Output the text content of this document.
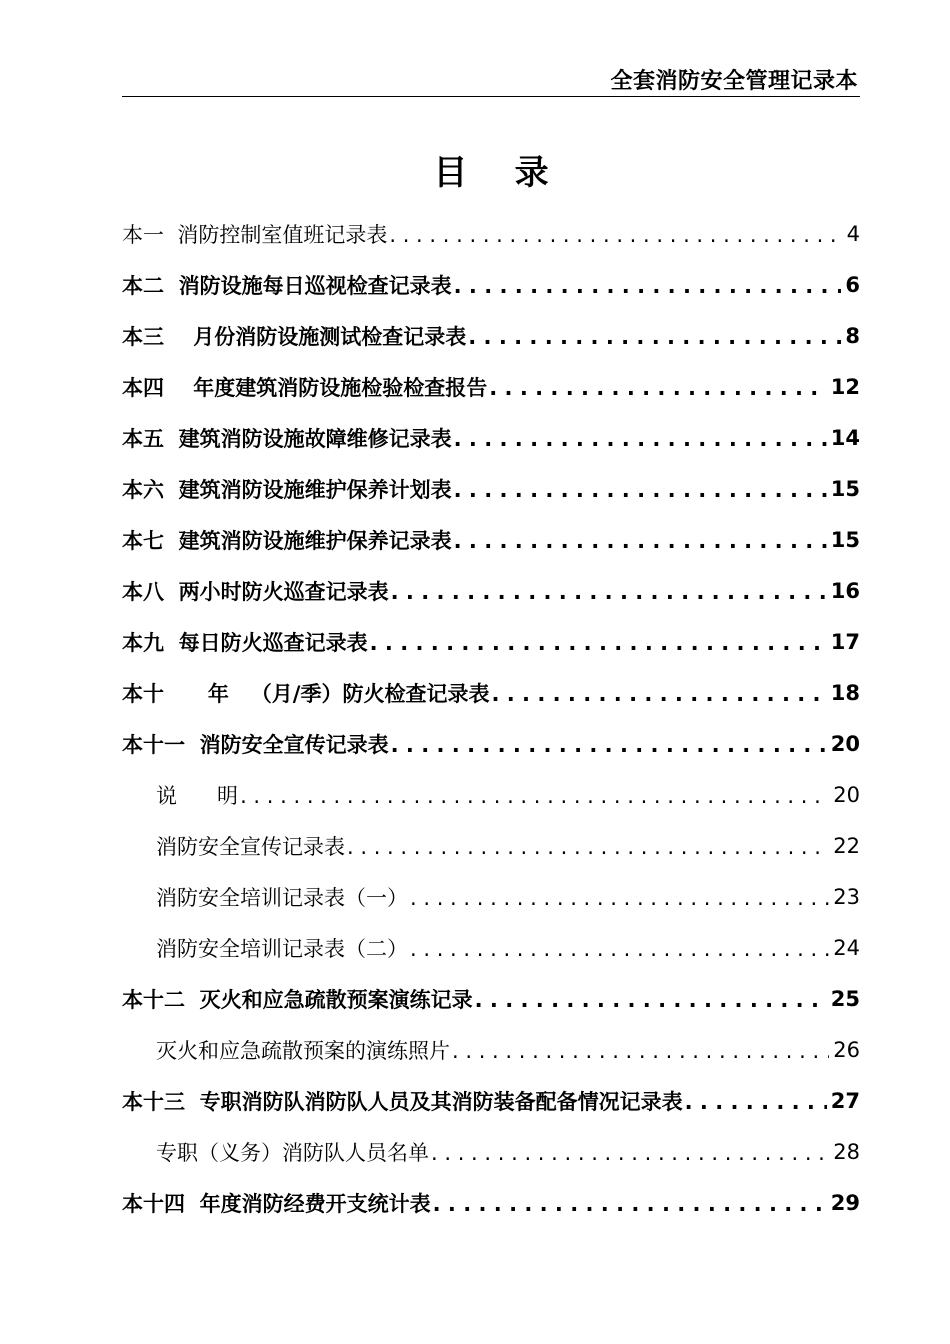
全套消防安全管理记录本
目    录
本一  消防控制室值班记录表 . . .	4
本二  消防设施每日巡视检查记录表 . . .	6
本三    月份消防设施测试检查记录表 . . .	8
本四    年度建筑消防设施检验检查报告 . . .	12
本五  建筑消防设施故障维修记录表 . . .	14
本六  建筑消防设施维护保养计划表 . . .	15
本七  建筑消防设施维护保养记录表 . . .	15
本八  两小时防火巡查记录表 . . .	16
本九  每日防火巡查记录表 . . .	17
本十      年   （月/季）防火检查记录表 . . .	18
本十一  消防安全宣传记录表 . . .	20
说      明 . . .	20
消防安全宣传记录表 . . .	22
消防安全培训记录表（一） . . .	23
消防安全培训记录表（二） . . .	24
本十二  灭火和应急疏散预案演练记录 . . .	25
灭火和应急疏散预案的演练照片 . . .	26
本十三  专职消防队消防队人员及其消防装备配备情况记录表 . . .	27
专职（义务）消防队人员名单 . . .	28
本十四  年度消防经费开支统计表 . . .	29
